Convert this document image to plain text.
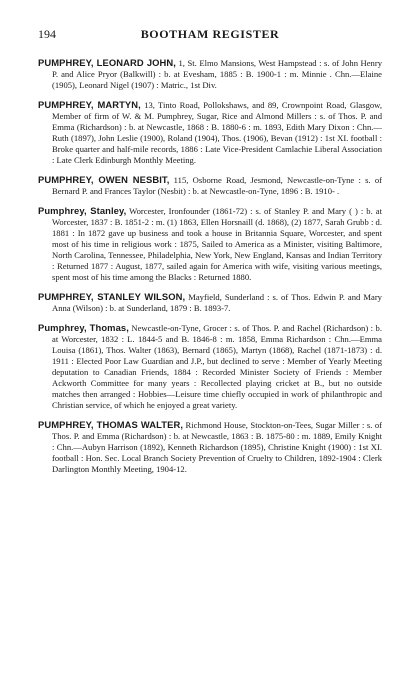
194	BOOTHAM REGISTER

PUMPHREY, LEONARD JOHN, 1, St. Elmo Mansions, West Hampstead : s. of John Henry P. and Alice Pryor (Balkwill) : b. at Evesham, 1885 : B. 1900-1 : m. Minnie . Chn.—Elaine (1905), Leonard Nigel (1907) : Matric., 1st Div.

PUMPHREY, MARTYN, 13, Tinto Road, Pollokshaws, and 89, Crownpoint Road, Glasgow, Member of firm of W. & M. Pumphrey, Sugar, Rice and Almond Millers : s. of Thos. P. and Emma (Richardson) : b. at Newcastle, 1868 : B. 1880-6 : m. 1893, Edith Mary Dixon : Chn.—Ruth (1897), John Leslie (1900), Roland (1904), Thos. (1906), Bevan (1912) : 1st XI. football : Broke quarter and half-mile records, 1886 : Late Vice-President Camlachie Liberal Association : Late Clerk Edinburgh Monthly Meeting.

PUMPHREY, OWEN NESBIT, 115, Osborne Road, Jesmond, Newcastle-on-Tyne : s. of Bernard P. and Frances Taylor (Nesbit) : b. at Newcastle-on-Tyne, 1896 : B. 1910- .

Pumphrey, Stanley, Worcester, Ironfounder (1861-72) : s. of Stanley P. and Mary ( ) : b. at Worcester, 1837 : B. 1851-2 : m. (1) 1863, Ellen Horsnaill (d. 1868), (2) 1877, Sarah Grubb : d. 1881 : In 1872 gave up business and took a house in Britannia Square, Worcester, and spent most of his time in religious work : 1875, Sailed to America as a Minister, visiting Baltimore, North Carolina, Tennessee, Philadelphia, New York, New England, Kansas and Indian Territory : Returned 1877 : August, 1877, sailed again for America with wife, visiting various meetings, spent most of his time among the Blacks : Returned 1880.

PUMPHREY, STANLEY WILSON, Mayfield, Sunderland : s. of Thos. Edwin P. and Mary Anna (Wilson) : b. at Sunderland, 1879 : B. 1893-7.

Pumphrey, Thomas, Newcastle-on-Tyne, Grocer : s. of Thos. P. and Rachel (Richardson) : b. at Worcester, 1832 : L. 1844-5 and B. 1846-8 : m. 1858, Emma Richardson : Chn.—Emma Louisa (1861), Thos. Walter (1863), Bernard (1865), Martyn (1868), Rachel (1871-1873) : d. 1911 : Elected Poor Law Guardian and J.P., but declined to serve : Member of Yearly Meeting deputation to Canadian Friends, 1884 : Recorded Minister Society of Friends : Member Ackworth Committee for many years : Recollected playing cricket at B., but no outside matches then arranged : Hobbies—Leisure time chiefly occupied in work of philanthropic and Christian service, of which he enjoyed a great variety.

PUMPHREY, THOMAS WALTER, Richmond House, Stockton-on-Tees, Sugar Miller : s. of Thos. P. and Emma (Richardson) : b. at Newcastle, 1863 : B. 1875-80 : m. 1889, Emily Knight : Chn.—Aubyn Harrison (1892), Kenneth Richardson (1895), Christine Knight (1900) : 1st XI. football : Hon. Sec. Local Branch Society Prevention of Cruelty to Children, 1892-1904 : Clerk Darlington Monthly Meeting, 1904-12.
